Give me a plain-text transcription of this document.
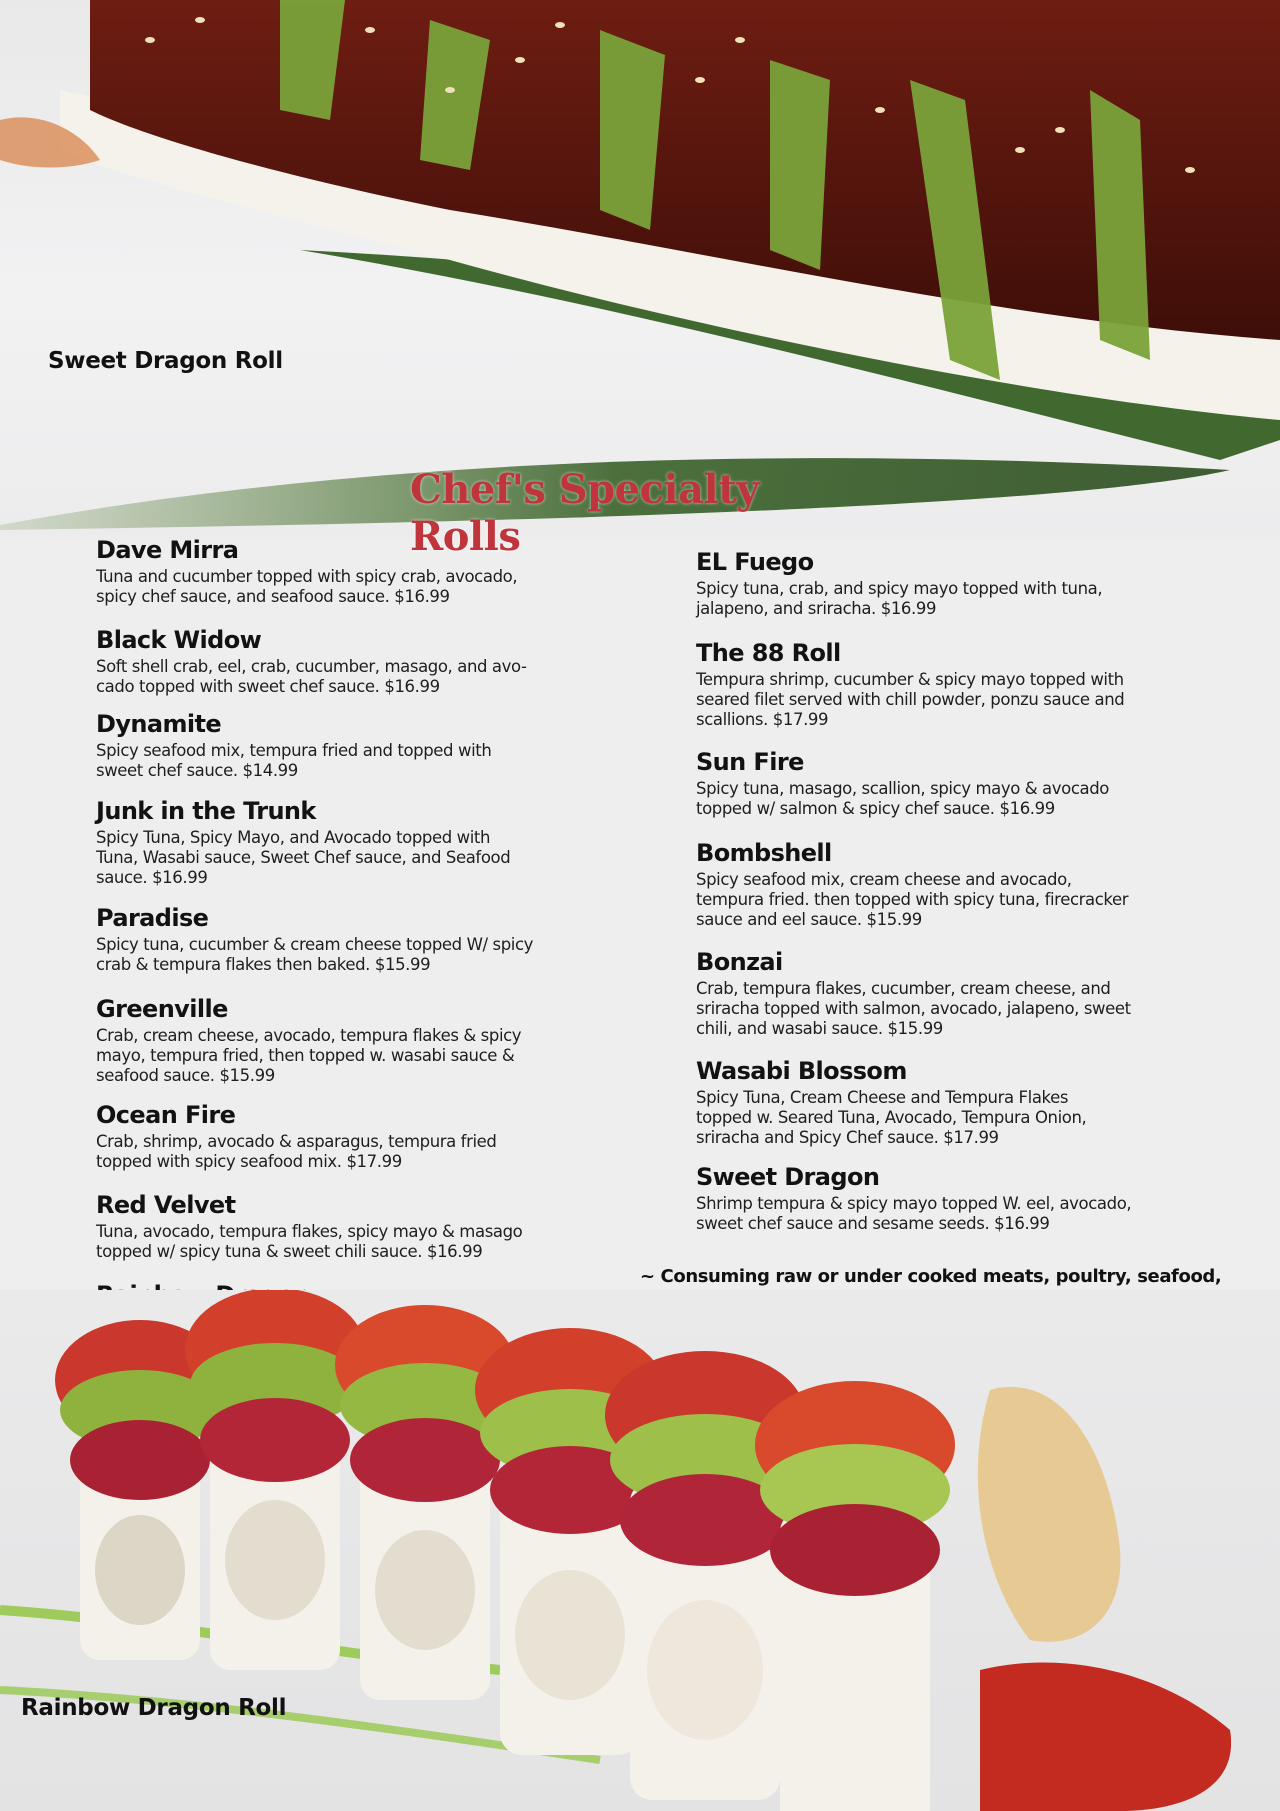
Sweet Dragon Roll
Chef's Specialty Rolls
Dave Mirra
Tuna and cucumber topped with spicy crab, avocado,
spicy chef sauce, and seafood sauce. $16.99
Black Widow
Soft shell crab, eel, crab, cucumber, masago, and avo-
cado topped with sweet chef sauce. $16.99
Dynamite
Spicy seafood mix, tempura fried and topped with
sweet chef sauce. $14.99
Junk in the Trunk
Spicy Tuna, Spicy Mayo, and Avocado topped with
Tuna, Wasabi sauce, Sweet Chef sauce, and Seafood
sauce. $16.99
Paradise
Spicy tuna, cucumber & cream cheese topped W/ spicy
crab & tempura flakes then baked. $15.99
Greenville
Crab, cream cheese, avocado, tempura flakes & spicy
mayo, tempura fried, then topped w. wasabi sauce &
seafood sauce. $15.99
Ocean Fire
Crab, shrimp, avocado & asparagus, tempura fried
topped with spicy seafood mix. $17.99
Red Velvet
Tuna, avocado, tempura flakes, spicy mayo & masago
topped w/ spicy tuna & sweet chili sauce. $16.99
EL Fuego
Spicy tuna, crab, and spicy mayo topped with tuna,
jalapeno, and sriracha. $16.99
The 88 Roll
Tempura shrimp, cucumber & spicy mayo topped with
seared filet served with chill powder, ponzu sauce and
scallions. $17.99
Sun Fire
Spicy tuna, masago, scallion, spicy mayo & avocado
topped w/ salmon & spicy chef sauce. $16.99
Bombshell
Spicy seafood mix, cream cheese and avocado,
tempura fried. then topped with spicy tuna, firecracker
sauce and eel sauce. $15.99
Bonzai
Crab, tempura flakes, cucumber, cream cheese, and
sriracha topped with salmon, avocado, jalapeno, sweet
chili, and wasabi sauce. $15.99
Wasabi Blossom
Spicy Tuna, Cream Cheese and Tempura Flakes
topped w. Seared Tuna, Avocado, Tempura Onion,
sriracha and Spicy Chef sauce. $17.99
Sweet Dragon
Shrimp tempura & spicy mayo topped W. eel, avocado,
sweet chef sauce and sesame seeds. $16.99
~ Consuming raw or under cooked meats, poultry, seafood,
Rainbow Dragon Roll
